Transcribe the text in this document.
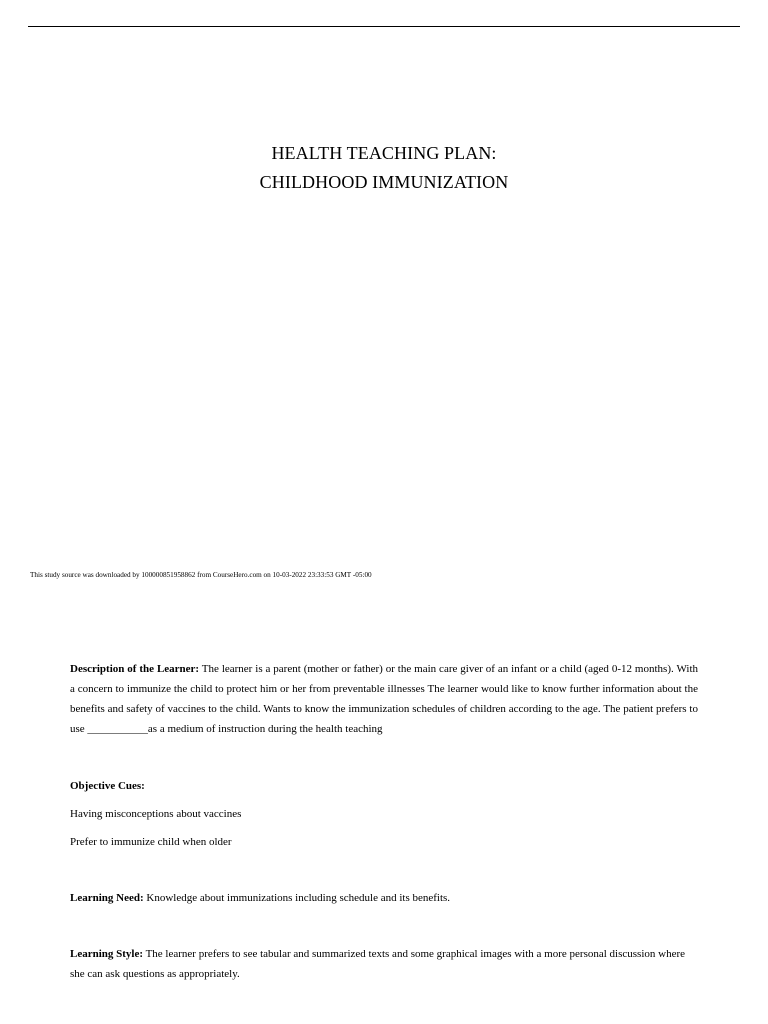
HEALTH TEACHING PLAN:
CHILDHOOD IMMUNIZATION
This study source was downloaded by 100000851958862 from CourseHero.com on 10-03-2022 23:33:53 GMT -05:00

Description of the Learner: The learner is a parent (mother or father) or the main care giver of an infant or a child (aged 0-12 months). With a concern to immunize the child to protect him or her from preventable illnesses The learner would like to know further information about the benefits and safety of vaccines to the child. Wants to know the immunization schedules of children according to the age. The patient prefers to use ___________as a medium of instruction during the health teaching

Objective Cues:
Having misconceptions about vaccines
Prefer to immunize child when older

Learning Need: Knowledge about immunizations including schedule and its benefits.

Learning Style: The learner prefers to see tabular and summarized texts and some graphical images with a more personal discussion where she can ask questions as appropriately.
